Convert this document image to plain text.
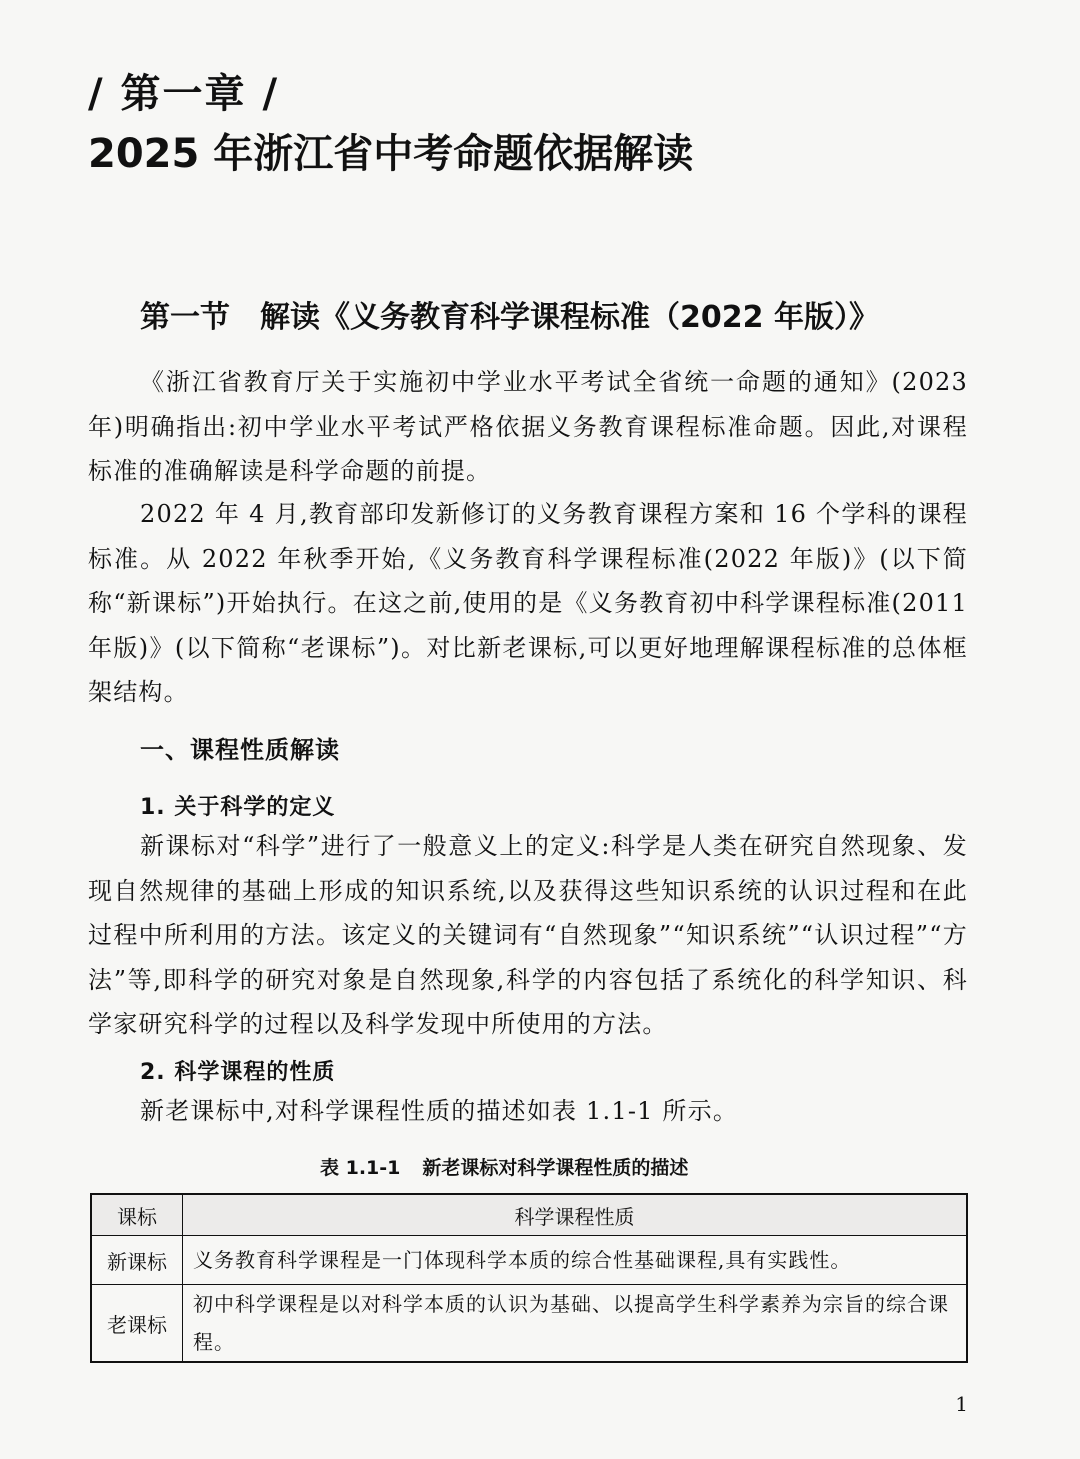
/ 第一章 /
2025 年浙江省中考命题依据解读
第一节 解读《义务教育科学课程标准（2022 年版）》

《浙江省教育厅关于实施初中学业水平考试全省统一命题的通知》(2023年)明确指出:初中学业水平考试严格依据义务教育课程标准命题。因此,对课程标准的准确解读是科学命题的前提。

2022 年 4 月,教育部印发新修订的义务教育课程方案和 16 个学科的课程标准。从 2022 年秋季开始,《义务教育科学课程标准(2022 年版)》(以下简称“新课标”)开始执行。在这之前,使用的是《义务教育初中科学课程标准(2011 年版)》(以下简称“老课标”)。对比新老课标,可以更好地理解课程标准的总体框架结构。

一、课程性质解读
1. 关于科学的定义

新课标对“科学”进行了一般意义上的定义:科学是人类在研究自然现象、发现自然规律的基础上形成的知识系统,以及获得这些知识系统的认识过程和在此过程中所利用的方法。该定义的关键词有“自然现象”“知识系统”“认识过程”“方法”等,即科学的研究对象是自然现象,科学的内容包括了系统化的科学知识、科学家研究科学的过程以及科学发现中所使用的方法。

2. 科学课程的性质

新老课标中,对科学课程性质的描述如表 1.1-1 所示。

表 1.1-1 新老课标对科学课程性质的描述
课标	科学课程性质
新课标	义务教育科学课程是一门体现科学本质的综合性基础课程,具有实践性。
老课标	初中科学课程是以对科学本质的认识为基础、以提高学生科学素养为宗旨的综合课程。
1
